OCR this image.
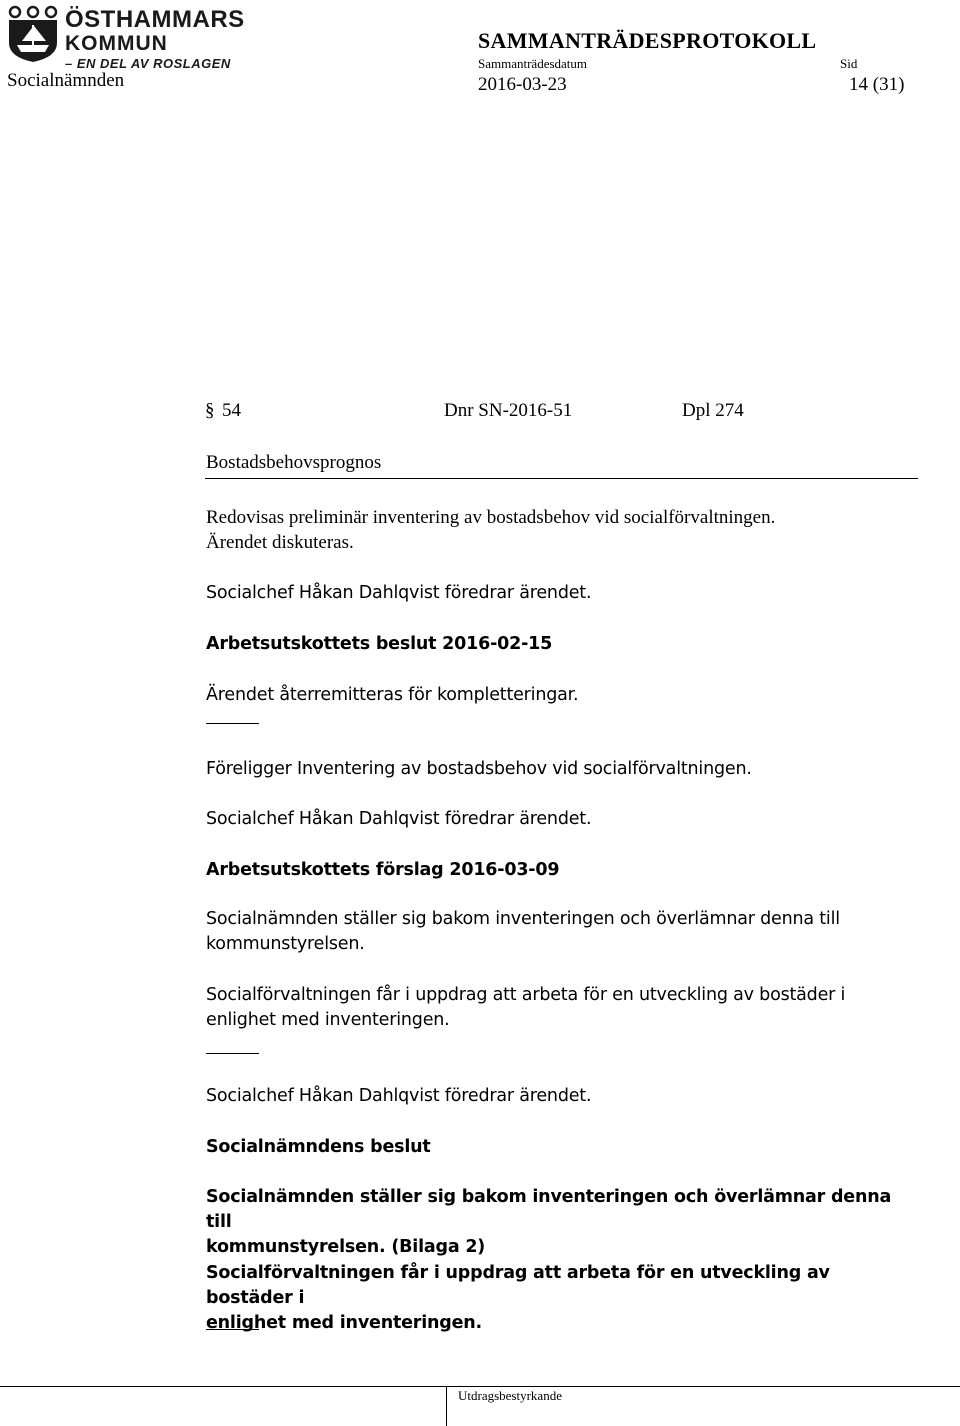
ÖSTHAMMARS
KOMMUN
– EN DEL AV ROSLAGEN
Socialnämnden
SAMMANTRÄDESPROTOKOLL
Sammanträdesdatum	Sid
2016-03-23	14 (31)
§ 54	Dnr SN-2016-51	Dpl 274
Bostadsbehovsprognos
Redovisas preliminär inventering av bostadsbehov vid socialförvaltningen.
Ärendet diskuteras.
Socialchef Håkan Dahlqvist föredrar ärendet.
Arbetsutskottets beslut 2016-02-15
Ärendet återremitteras för kompletteringar.
Föreligger Inventering av bostadsbehov vid socialförvaltningen.
Socialchef Håkan Dahlqvist föredrar ärendet.
Arbetsutskottets förslag 2016-03-09
Socialnämnden ställer sig bakom inventeringen och överlämnar denna till
kommunstyrelsen.
Socialförvaltningen får i uppdrag att arbeta för en utveckling av bostäder i
enlighet med inventeringen.
Socialchef Håkan Dahlqvist föredrar ärendet.
Socialnämndens beslut
Socialnämnden ställer sig bakom inventeringen och överlämnar denna till
kommunstyrelsen. (Bilaga 2)
Socialförvaltningen får i uppdrag att arbeta för en utveckling av bostäder i
enlighet med inventeringen.
Utdragsbestyrkande
